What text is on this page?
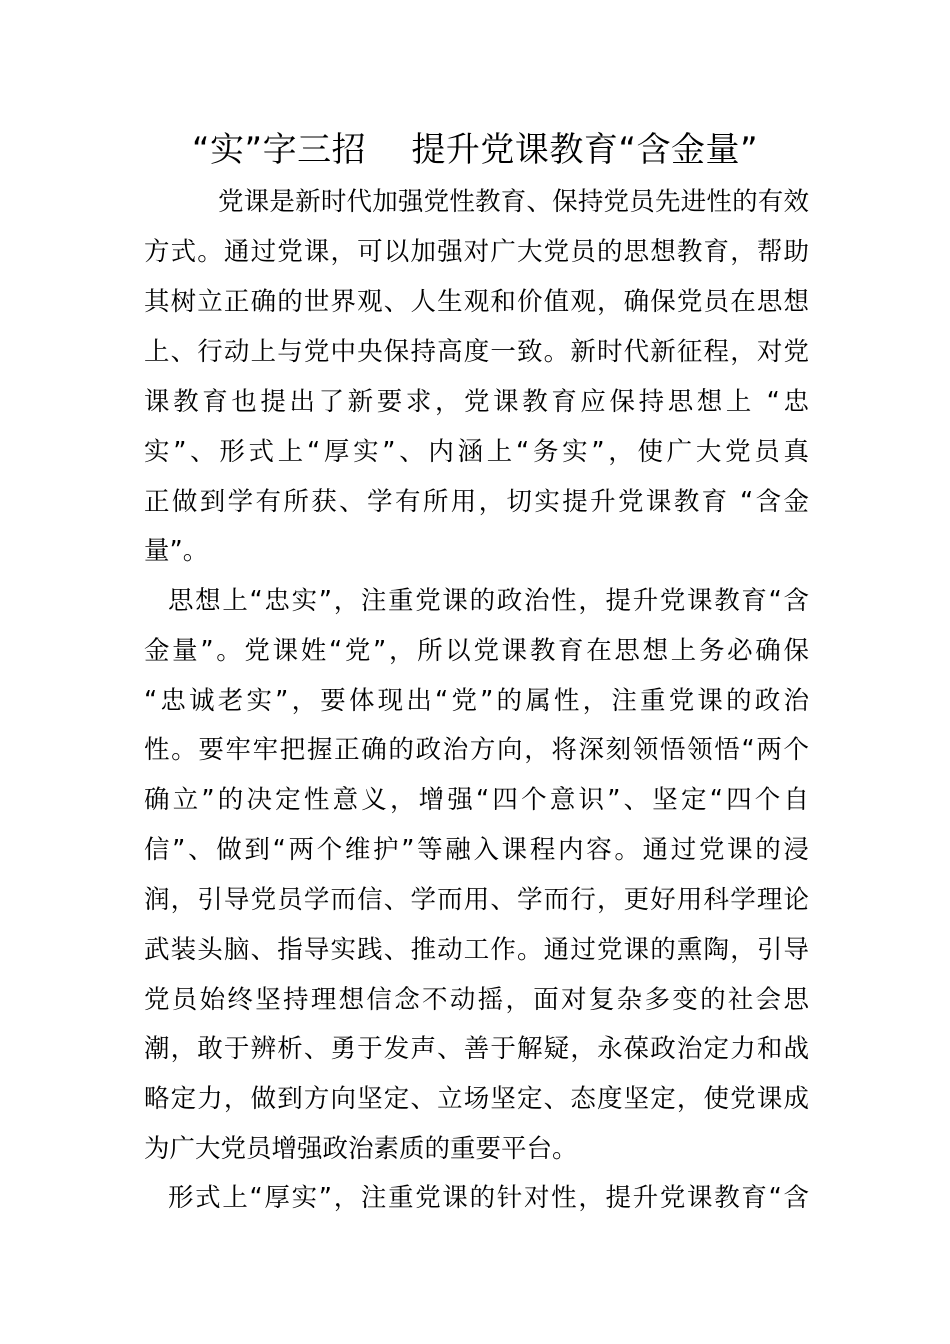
“实”字三招    提升党课教育“含金量”
党课是新时代加强党性教育、保持党员先进性的有效
方式。通过党课，可以加强对广大党员的思想教育，帮助
其树立正确的世界观、人生观和价值观，确保党员在思想
上、行动上与党中央保持高度一致。新时代新征程，对党
课教育也提出了新要求，党课教育应保持思想上 “忠
实”、形式上“厚实”、内涵上“务实”，使广大党员真
正做到学有所获、学有所用，切实提升党课教育 “含金
量”。
思想上“忠实”，注重党课的政治性，提升党课教育“含
金量”。党课姓“党”，所以党课教育在思想上务必确保
“忠诚老实”，要体现出“党”的属性，注重党课的政治
性。要牢牢把握正确的政治方向，将深刻领悟领悟“两个
确立”的决定性意义，增强“四个意识”、坚定“四个自
信”、做到“两个维护”等融入课程内容。通过党课的浸
润，引导党员学而信、学而用、学而行，更好用科学理论
武装头脑、指导实践、推动工作。通过党课的熏陶，引导
党员始终坚持理想信念不动摇，面对复杂多变的社会思
潮，敢于辨析、勇于发声、善于解疑，永葆政治定力和战
略定力，做到方向坚定、立场坚定、态度坚定，使党课成
为广大党员增强政治素质的重要平台。
形式上“厚实”，注重党课的针对性，提升党课教育“含
